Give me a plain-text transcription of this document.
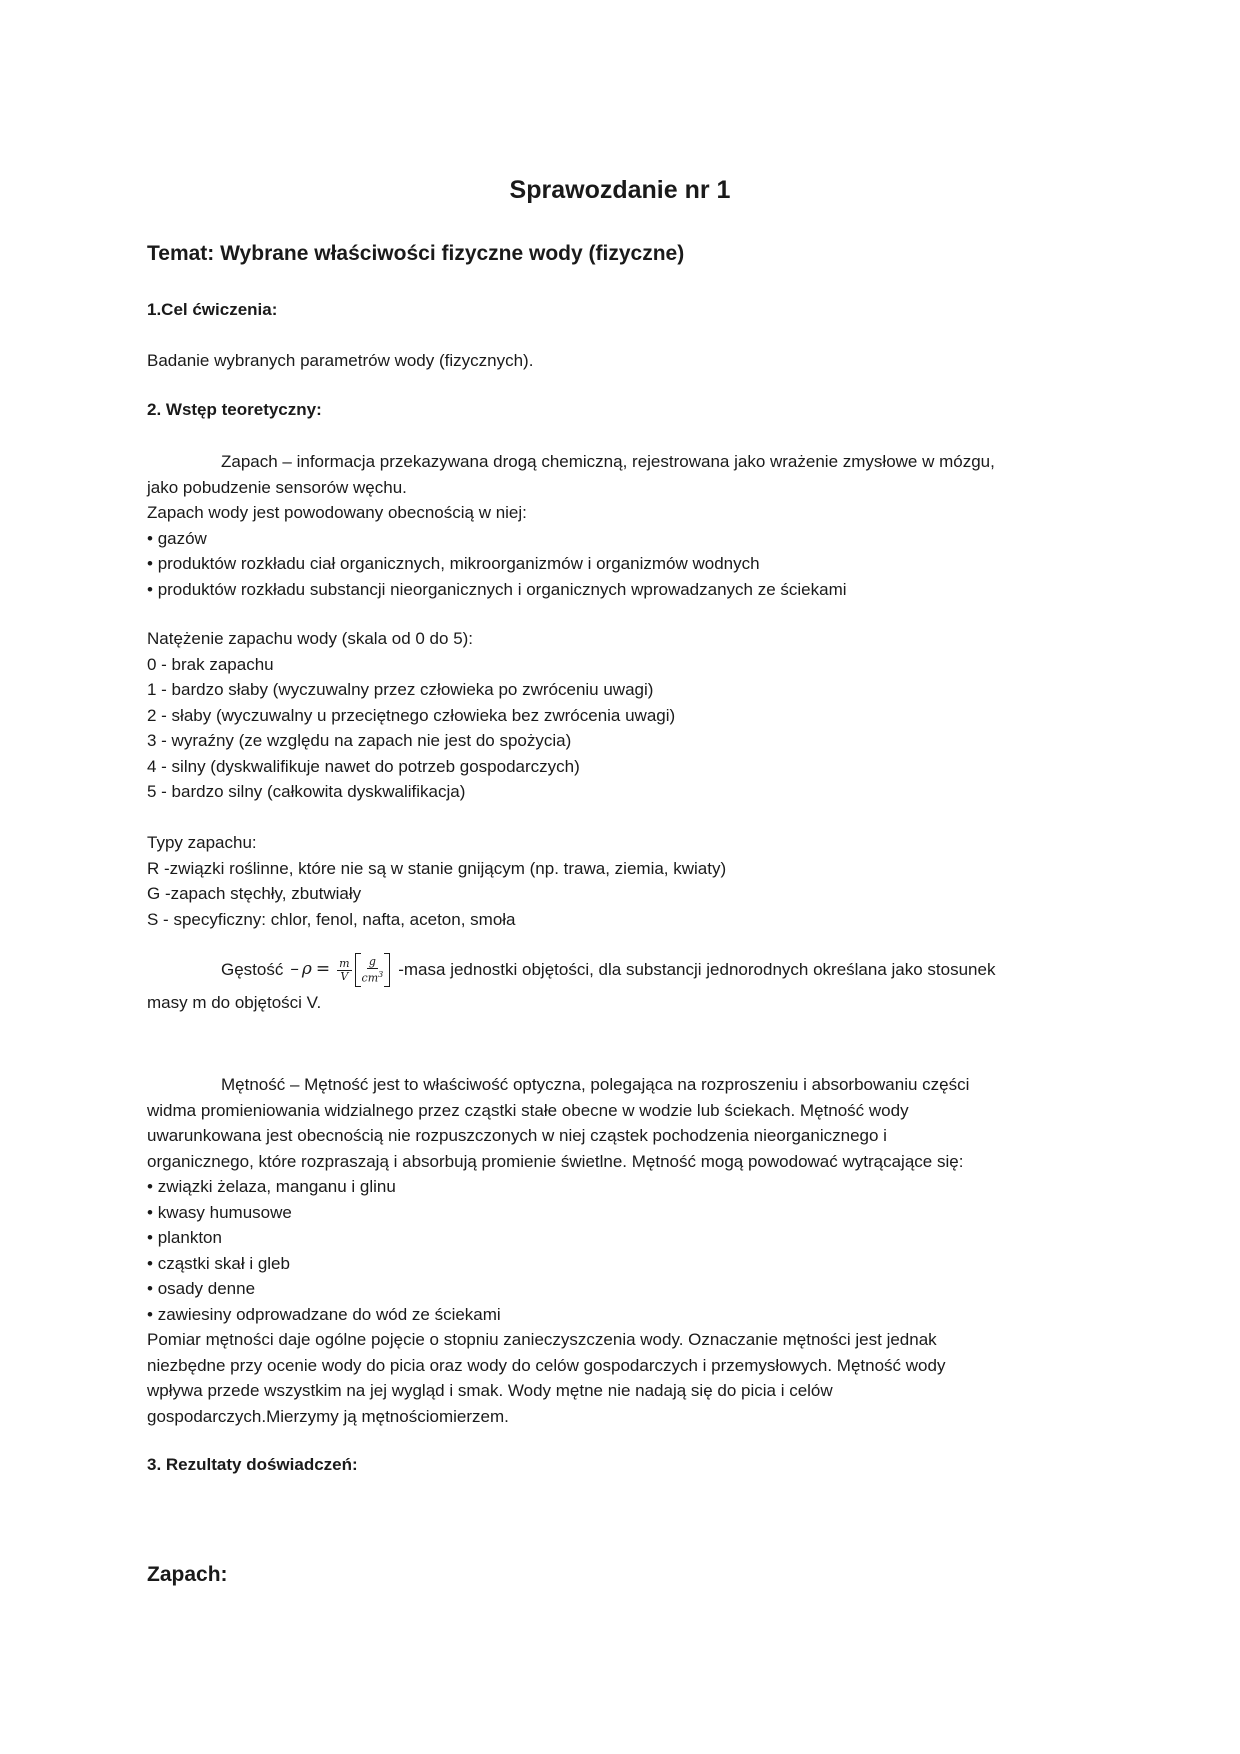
Sprawozdanie nr 1
Temat: Wybrane właściwości fizyczne wody (fizyczne)
1.Cel ćwiczenia:
Badanie wybranych parametrów wody (fizycznych).
2. Wstęp teoretyczny:
Zapach – informacja przekazywana drogą chemiczną, rejestrowana jako wrażenie zmysłowe w mózgu,
jako pobudzenie sensorów węchu.
Zapach wody jest powodowany obecnością w niej:
• gazów
• produktów rozkładu ciał organicznych, mikroorganizmów i organizmów wodnych
• produktów rozkładu substancji nieorganicznych i organicznych wprowadzanych ze ściekami
Natężenie zapachu wody (skala od 0 do 5):
0 - brak zapachu
1 - bardzo słaby (wyczuwalny przez człowieka po zwróceniu uwagi)
2 - słaby (wyczuwalny u przeciętnego człowieka bez zwrócenia uwagi)
3 - wyraźny (ze względu na zapach nie jest do spożycia)
4 - silny (dyskwalifikuje nawet do potrzeb gospodarczych)
5 - bardzo silny (całkowita dyskwalifikacja)
Typy zapachu:
R -związki roślinne, które nie są w stanie gnijącym (np. trawa, ziemia, kwiaty)
G -zapach stęchły, zbutwiały
S - specyficzny: chlor, fenol, nafta, aceton, smoła
Gęstość – $\rho = \frac{m}{V} \frac{g}{cm^3}$ -masa jednostki objętości, dla substancji jednorodnych określana jako stosunek
masy m do objętości V.
Mętność – Mętność jest to właściwość optyczna, polegająca na rozproszeniu i absorbowaniu części
widma promieniowania widzialnego przez cząstki stałe obecne w wodzie lub ściekach. Mętność wody
uwarunkowana jest obecnością nie rozpuszczonych w niej cząstek pochodzenia nieorganicznego i
organicznego, które rozpraszają i absorbują promienie świetlne. Mętność mogą powodować wytrącające się:
• związki żelaza, manganu i glinu
• kwasy humusowe
• plankton
• cząstki skał i gleb
• osady denne
• zawiesiny odprowadzane do wód ze ściekami
Pomiar mętności daje ogólne pojęcie o stopniu zanieczyszczenia wody. Oznaczanie mętności jest jednak
niezbędne przy ocenie wody do picia oraz wody do celów gospodarczych i przemysłowych. Mętność wody
wpływa przede wszystkim na jej wygląd i smak. Wody mętne nie nadają się do picia i celów
gospodarczych.Mierzymy ją mętnościomierzem.
3. Rezultaty doświadczeń:
Zapach:
